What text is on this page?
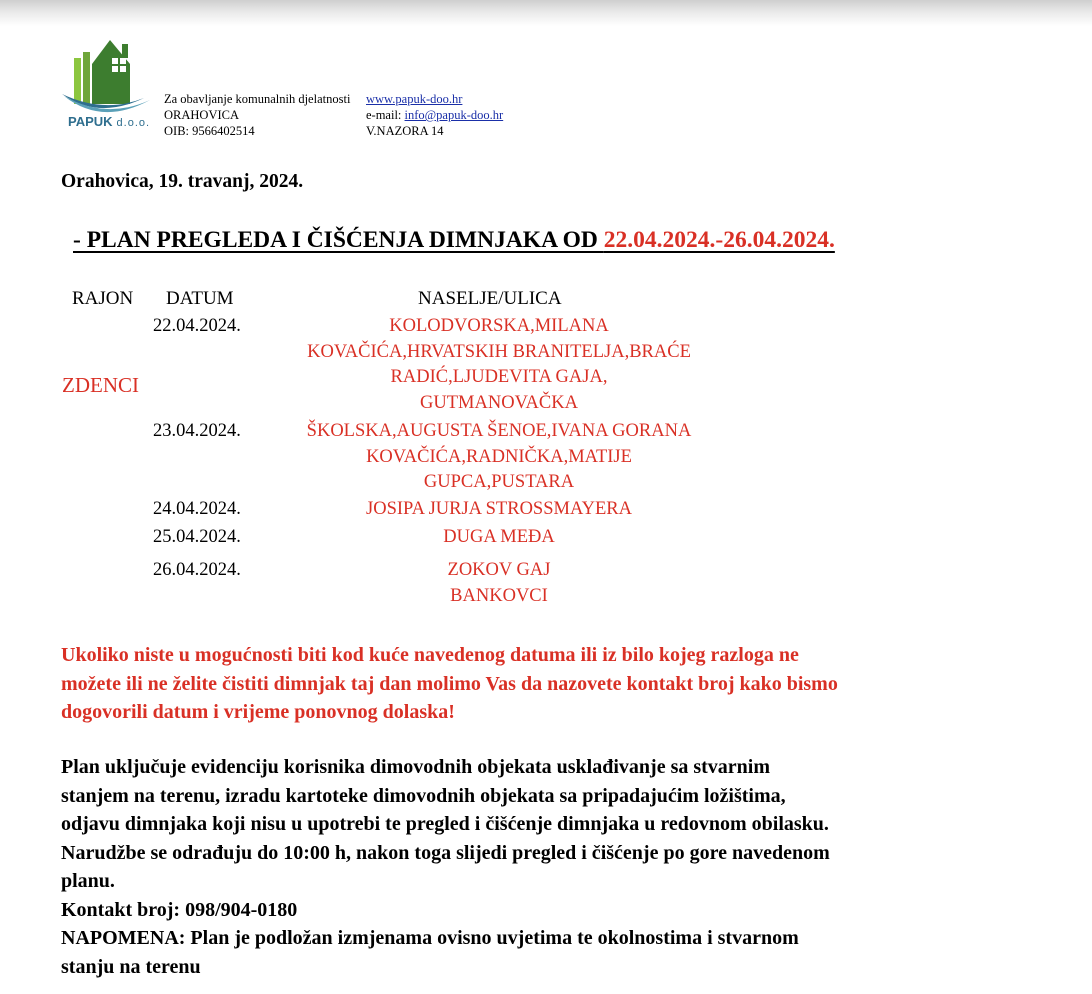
PAPUK d.o.o.
Za obavljanje komunalnih djelatnosti
ORAHOVICA
OIB: 9566402514
www.papuk-doo.hr
e-mail: info@papuk-doo.hr
V.NAZORA 14
Orahovica, 19. travanj, 2024.
- PLAN PREGLEDA I ČIŠĆENJA DIMNJAKA OD 22.04.2024.-26.04.2024.
RAJON DATUM	NASELJE/ULICA
ZDENCI
22.04.2024.	KOLODVORSKA,MILANA
KOVAČIĆA,HRVATSKIH BRANITELJA,BRAĆE
RADIĆ,LJUDEVITA GAJA,
GUTMANOVAČKA
23.04.2024.	ŠKOLSKA,AUGUSTA ŠENOE,IVANA GORANA
KOVAČIĆA,RADNIČKA,MATIJE
GUPCA,PUSTARA
24.04.2024.	JOSIPA JURJA STROSSMAYERA
25.04.2024.	DUGA MEĐA
26.04.2024.	ZOKOV GAJ
BANKOVCI
Ukoliko niste u mogućnosti biti kod kuće navedenog datuma ili iz bilo kojeg razloga ne
možete ili ne želite čistiti dimnjak taj dan molimo Vas da nazovete kontakt broj kako bismo
dogovorili datum i vrijeme ponovnog dolaska!
Plan uključuje evidenciju korisnika dimovodnih objekata usklađivanje sa stvarnim
stanjem na terenu, izradu kartoteke dimovodnih objekata sa pripadajućim ložištima,
odjavu dimnjaka koji nisu u upotrebi te pregled i čišćenje dimnjaka u redovnom obilasku.
Narudžbe se odrađuju do 10:00 h, nakon toga slijedi pregled i čišćenje po gore navedenom
planu.
Kontakt broj: 098/904-0180
NAPOMENA: Plan je podložan izmjenama ovisno uvjetima te okolnostima i stvarnom
stanju na terenu
